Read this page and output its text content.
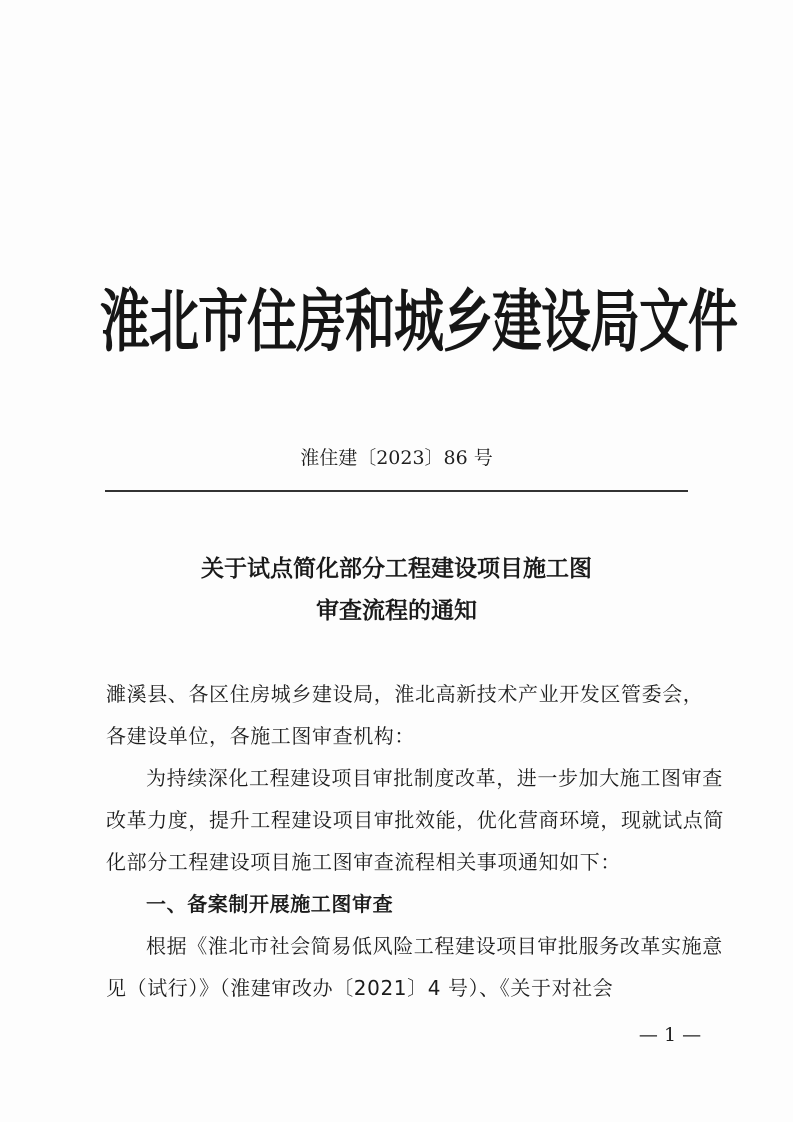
淮北市住房和城乡建设局文件
淮住建〔2023〕86 号
关于试点简化部分工程建设项目施工图
审查流程的通知

濉溪县、各区住房城乡建设局，淮北高新技术产业开发区管委会，

各建设单位，各施工图审查机构：

为持续深化工程建设项目审批制度改革，进一步加大施工图审查改革力度，提升工程建设项目审批效能，优化营商环境，现就试点简化部分工程建设项目施工图审查流程相关事项通知如下：

一、备案制开展施工图审查

根据《淮北市社会简易低风险工程建设项目审批服务改革实施意见（试行）》（淮建审改办〔2021〕4 号）、《关于对社会

— 1 —
